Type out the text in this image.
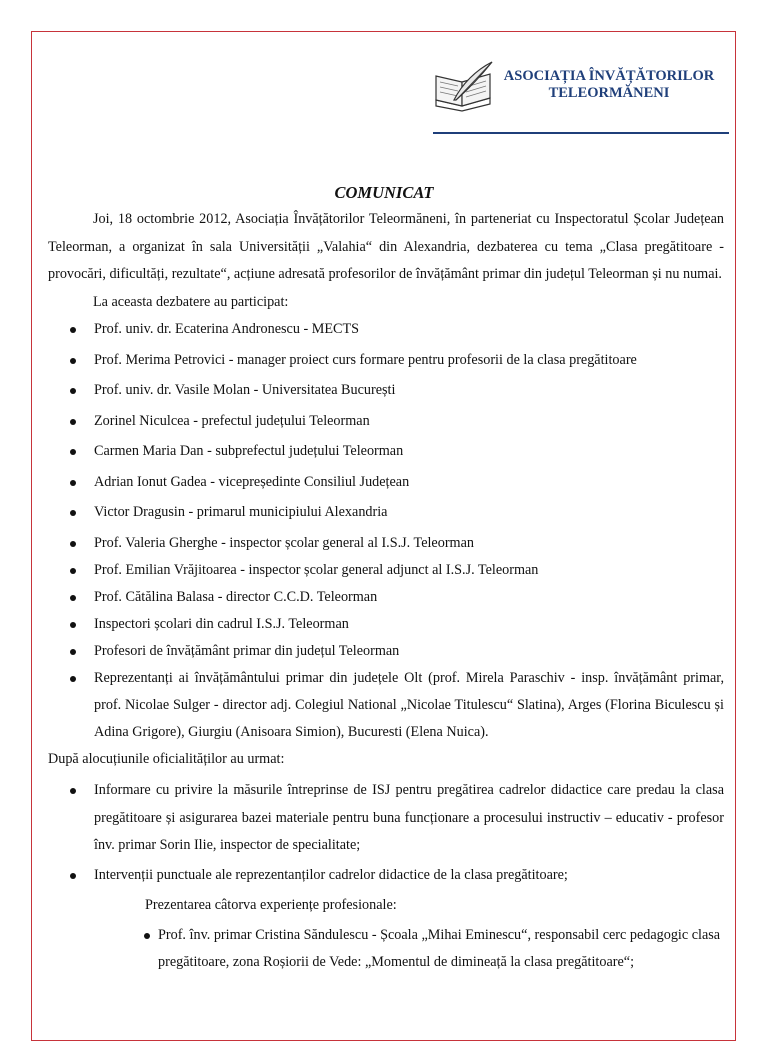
ASOCIAȚIA ÎNVĂȚĂTORILOR
TELEORMĂNENI
COMUNICAT

Joi, 18 octombrie 2012, Asociația Învățătorilor Teleormăneni, în parteneriat cu Inspectoratul Școlar Județean Teleorman, a organizat în sala Universității „Valahia“ din Alexandria, dezbaterea cu tema „Clasa pregătitoare - provocări, dificultăți, rezultate“, acțiune adresată profesorilor de învățământ primar din județul Teleorman și nu numai.

La aceasta dezbatere au participat:

Prof. univ. dr. Ecaterina Andronescu - MECTS
Prof. Merima Petrovici - manager proiect curs formare pentru profesorii de la clasa pregătitoare
Prof. univ. dr. Vasile Molan - Universitatea București
Zorinel Niculcea - prefectul județului Teleorman
Carmen Maria Dan - subprefectul județului Teleorman
Adrian Ionut Gadea - vicepreședinte Consiliul Județean
Victor Dragusin - primarul municipiului Alexandria
Prof. Valeria Gherghe - inspector școlar general al I.S.J. Teleorman
Prof. Emilian Vrăjitoarea - inspector școlar general adjunct al I.S.J. Teleorman
Prof. Cătălina Balasa - director C.C.D. Teleorman
Inspectori școlari din cadrul I.S.J. Teleorman
Profesori de învățământ primar din județul Teleorman
Reprezentanți ai învățământului primar din județele Olt (prof. Mirela Paraschiv - insp. învățământ primar, prof. Nicolae Sulger - director adj. Colegiul National „Nicolae Titulescu“ Slatina), Arges (Florina Biculescu și Adina Grigore), Giurgiu (Anisoara Simion), Bucuresti (Elena Nuica).

După alocuțiunile oficialităților au urmat:

Informare cu privire la măsurile întreprinse de ISJ pentru pregătirea cadrelor didactice care predau la clasa pregătitoare și asigurarea bazei materiale pentru buna funcționare a procesului instructiv – educativ - profesor înv. primar Sorin Ilie, inspector de specialitate;
Intervenții punctuale ale reprezentanților cadrelor didactice de la clasa pregătitoare;
Prezentarea câtorva experiențe profesionale:
Prof. înv. primar Cristina Săndulescu - Școala „Mihai Eminescu“, responsabil cerc pedagogic clasa pregătitoare, zona Roșiorii de Vede: „Momentul de dimineață la clasa pregătitoare“;
